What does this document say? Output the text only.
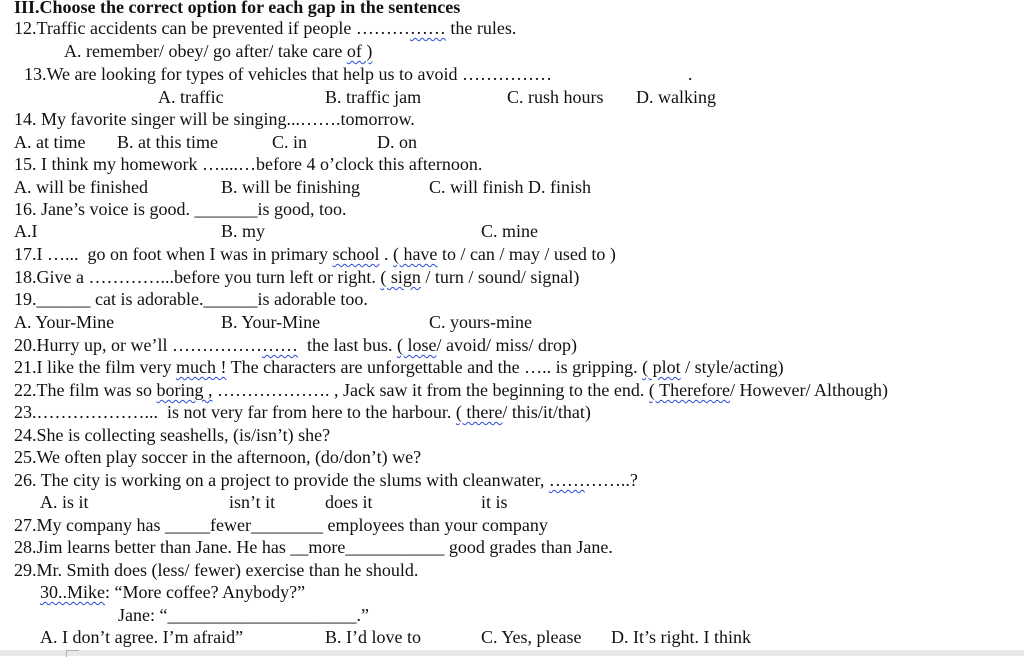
III.Choose the correct option for each gap in the sentences
12.Traffic accidents can be prevented if people …………… the rules.
A. remember/ obey/ go after/ take care of )
13.We are looking for types of vehicles that help us to avoid ……………	.
A. traffic	B. traffic jam	C. rush hours D. walking
14. My favorite singer will be singing...…….tomorrow.
A. at time B. at this time	C. in	D. on
15. I think my homework …....…before 4 o’clock this afternoon.
A. will be finished	B. will be finishing	C. will finish D. finish
16. Jane’s voice is good. _______is good, too.
A.I	B. my	C. mine
17.I …...  go on foot when I was in primary school . ( have to / can / may / used to )
18.Give a …………...before you turn left or right. ( sign / turn / sound/ signal)
19.______ cat is adorable.______is adorable too.
A. Your-Mine	B. Your-Mine	C. yours-mine
20.Hurry up, or we’ll …………………  the last bus. ( lose/ avoid/ miss/ drop)
21.I like the film very much ! The characters are unforgettable and the ….. is gripping. ( plot / style/acting)
22.The film was so boring , ………………. , Jack saw it from the beginning to the end. ( Therefore/ However/ Although)
23.………………...  is not very far from here to the harbour. ( there/ this/it/that)
24.She is collecting seashells, (is/isn’t) she?
25.We often play soccer in the afternoon, (do/don’t) we?
26. The city is working on a project to provide the slums with cleanwater, …………..?
A. is it	isn’t it	does it	it is
27.My company has _____fewer________ employees than your company
28.Jim learns better than Jane. He has __more___________ good grades than Jane.
29.Mr. Smith does (less/ fewer) exercise than he should.
30..Mike: “More coffee? Anybody?”
Jane: “_____________________.”
A. I don’t agree. I’m afraid”	B. I’d love to	C. Yes, please D. It’s right. I think
